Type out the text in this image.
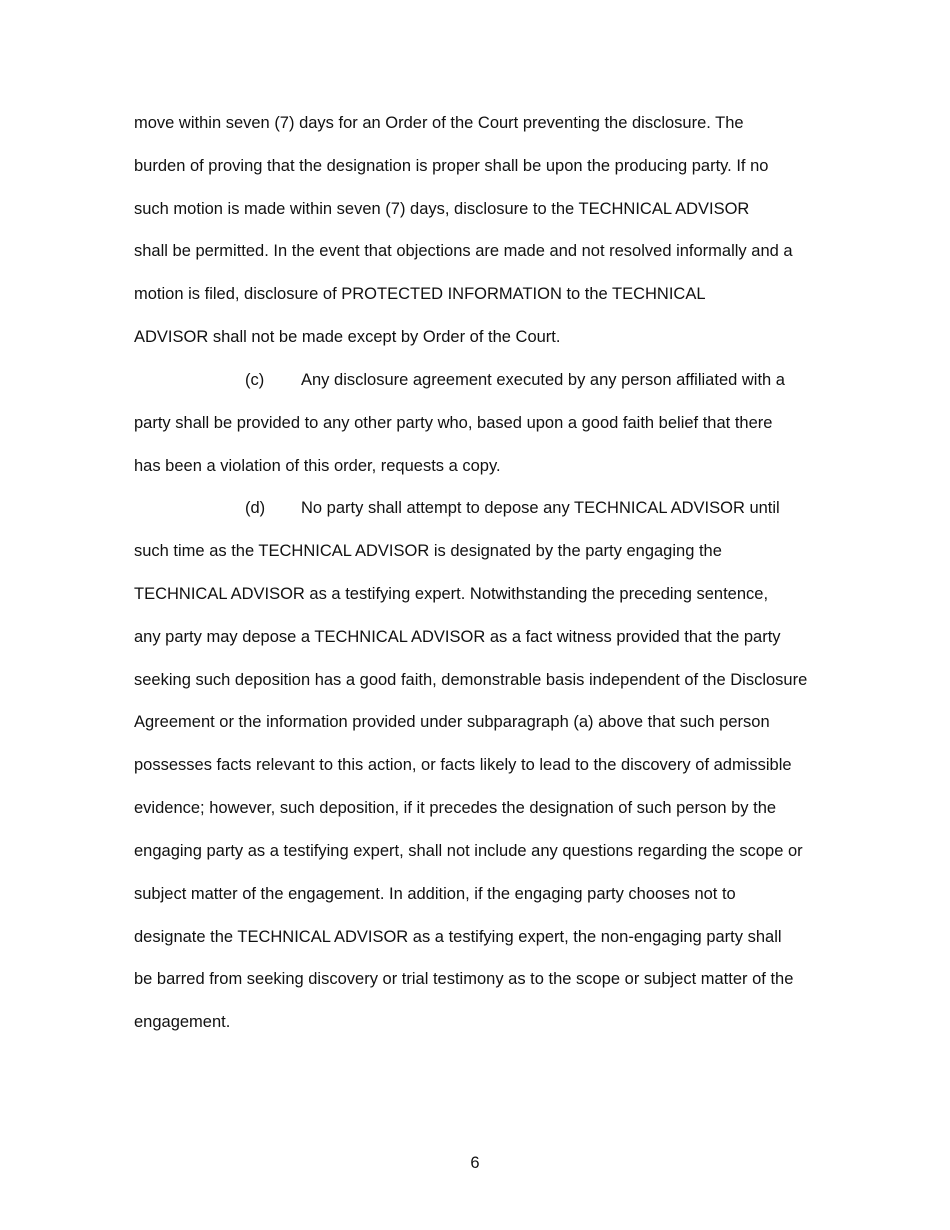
move within seven (7) days for an Order of the Court preventing the disclosure. The
burden of proving that the designation is proper shall be upon the producing party. If no
such motion is made within seven (7) days, disclosure to the TECHNICAL ADVISOR
shall be permitted. In the event that objections are made and not resolved informally and a
motion is filed, disclosure of PROTECTED INFORMATION to the TECHNICAL
ADVISOR shall not be made except by Order of the Court.
(c) Any disclosure agreement executed by any person affiliated with a
party shall be provided to any other party who, based upon a good faith belief that there
has been a violation of this order, requests a copy.
(d) No party shall attempt to depose any TECHNICAL ADVISOR until
such time as the TECHNICAL ADVISOR is designated by the party engaging the
TECHNICAL ADVISOR as a testifying expert. Notwithstanding the preceding sentence,
any party may depose a TECHNICAL ADVISOR as a fact witness provided that the party
seeking such deposition has a good faith, demonstrable basis independent of the Disclosure
Agreement or the information provided under subparagraph (a) above that such person
possesses facts relevant to this action, or facts likely to lead to the discovery of admissible
evidence; however, such deposition, if it precedes the designation of such person by the
engaging party as a testifying expert, shall not include any questions regarding the scope or
subject matter of the engagement. In addition, if the engaging party chooses not to
designate the TECHNICAL ADVISOR as a testifying expert, the non-engaging party shall
be barred from seeking discovery or trial testimony as to the scope or subject matter of the
engagement.
6
